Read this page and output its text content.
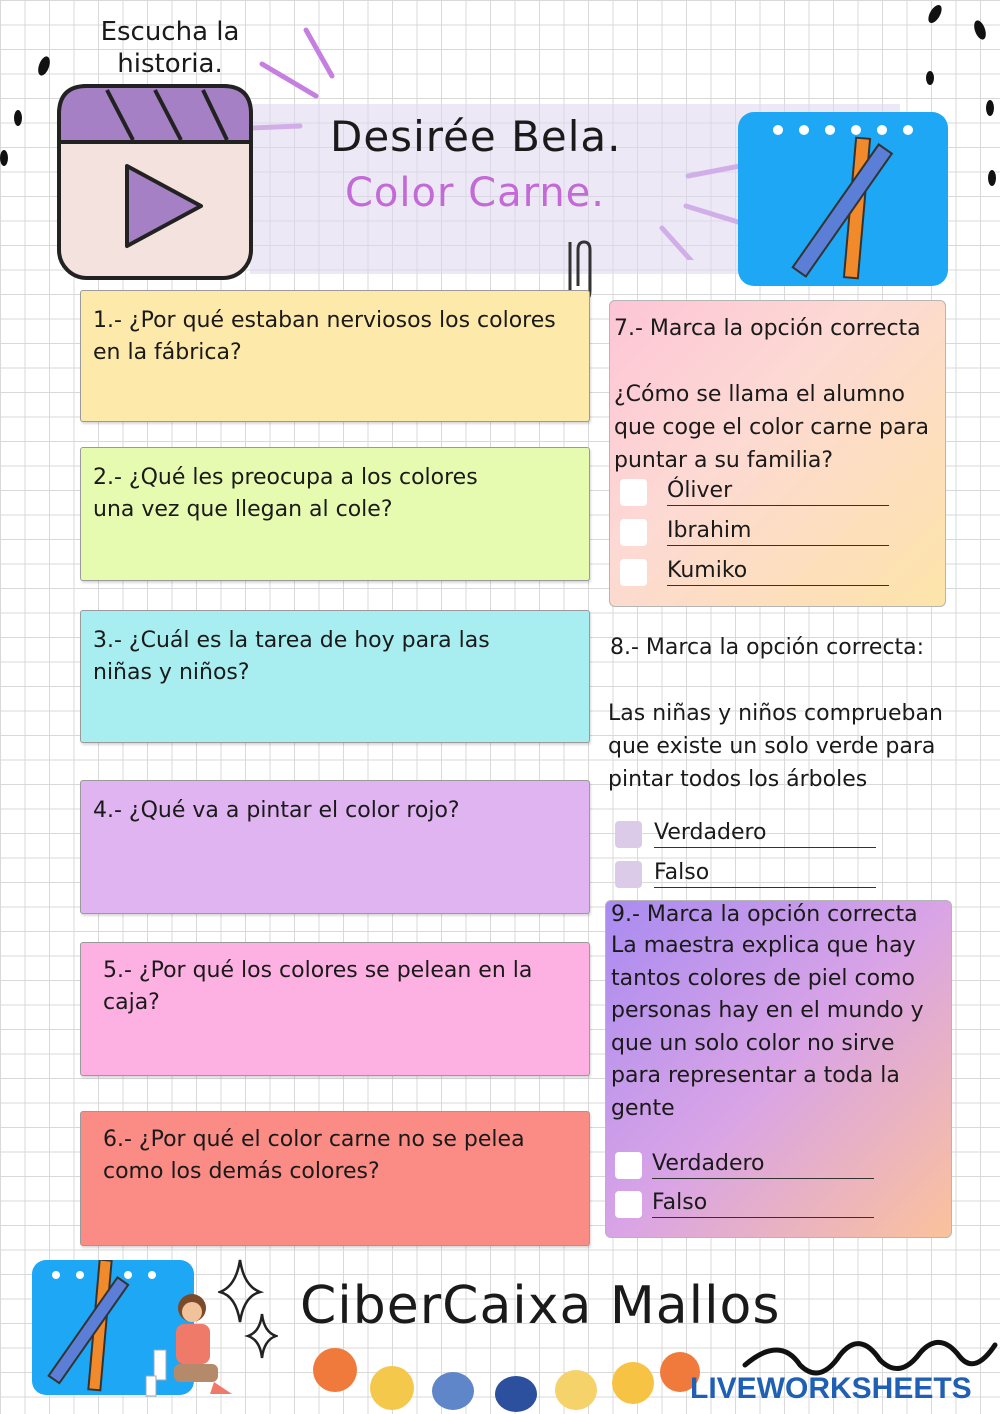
Escucha la
historia.
Desirée Bela.
Color Carne.
1.- ¿Por qué estaban nerviosos los colores
en la fábrica?
2.- ¿Qué les preocupa a los colores
una vez que llegan al cole?
3.- ¿Cuál es la tarea de hoy para las
niñas y niños?
4.- ¿Qué va a pintar el color rojo?
5.- ¿Por qué los colores se pelean en la
caja?
6.- ¿Por qué el color carne no se pelea
como los demás colores?
7.- Marca la opción correcta
¿Cómo se llama el alumno
que coge el color carne para
puntar a su familia?
Óliver
Ibrahim
Kumiko
8.- Marca la opción correcta:
Las niñas y niños comprueban
que existe un solo verde para
pintar todos los árboles
Verdadero
Falso
9.- Marca la opción correcta
La maestra explica que hay
tantos colores de piel como
personas hay en el mundo y
que un solo color no sirve
para representar a toda la
gente
Verdadero
Falso
CiberCaixa Mallos
LIVEWORKSHEETS
